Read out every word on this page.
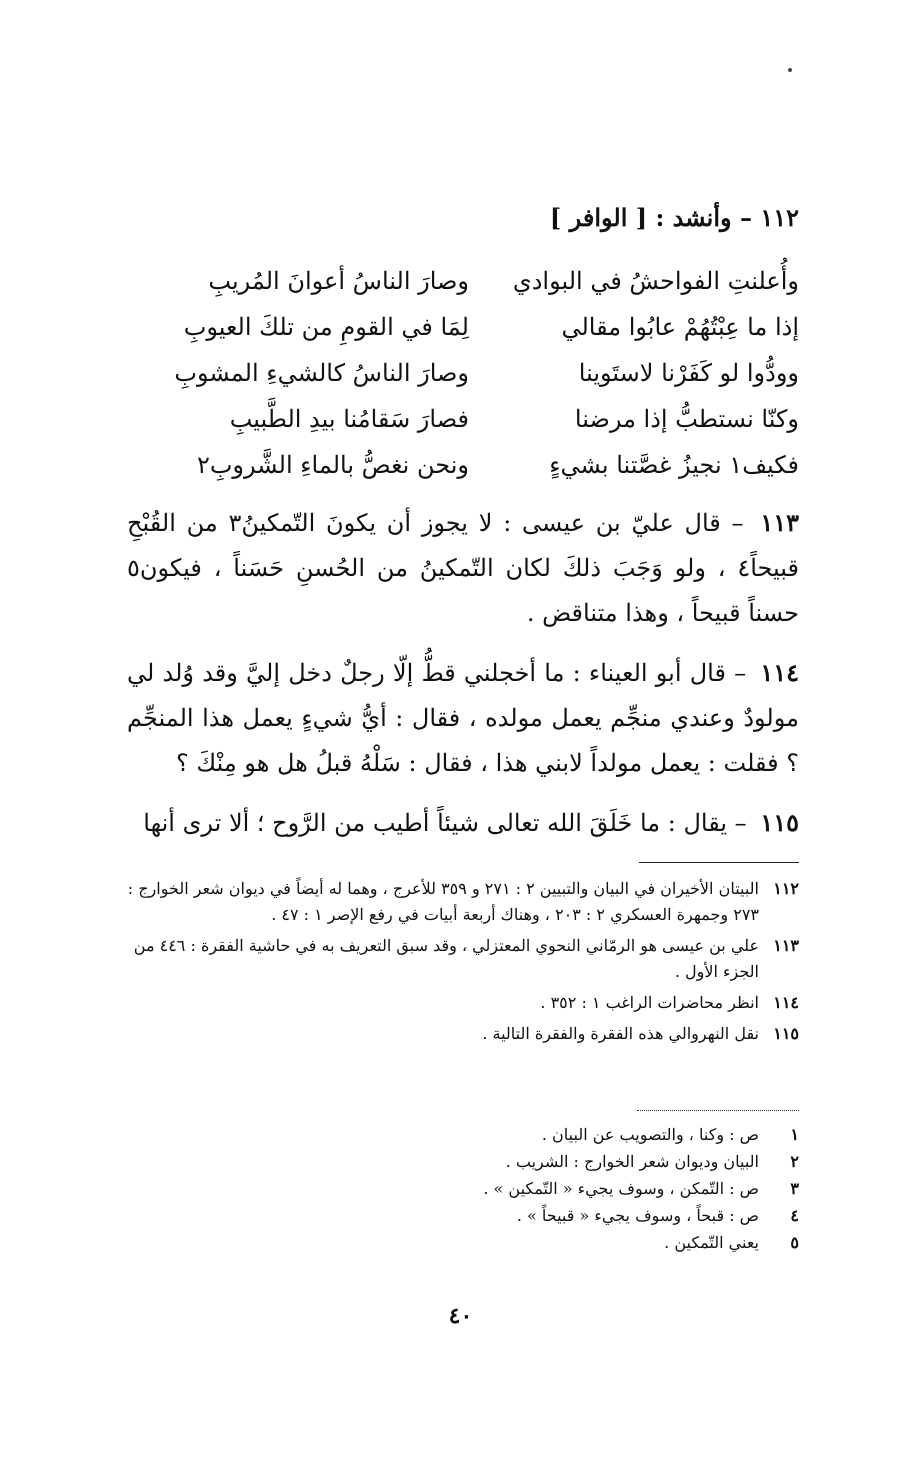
١١٢ – وأنشد : [ الوافر ]
وأُعلنتِ الفواحشُ في البوادي
وصارَ الناسُ أعوانَ المُريبِ
إذا ما عِبْتُهُمْ عابُوا مقالي
لِمَا في القومِ من تلكَ العيوبِ
وودُّوا لو كَفَرْنا لاستَوينا
وصارَ الناسُ كالشيءِ المشوبِ
وكنّا نستطبُّ إذا مرضنا
فصارَ سَقامُنا بيدِ الطَّبيبِ
فكيف١ نجيزُ غصَّتنا بشيءٍ
ونحن نغصُّ بالماءِ الشَّروبِ٢
١١٣ – قال عليّ بن عيسى : لا يجوز أن يكونَ التّمكينُ٣ من القُبْحِ قبيحاً٤ ، ولو وَجَبَ ذلكَ لكان التّمكينُ من الحُسنِ حَسَناً ، فيكون٥ حسناً قبيحاً ، وهذا متناقض .
١١٤ – قال أبو العيناء : ما أخجلني قطُّ إلّا رجلٌ دخل إليَّ وقد وُلد لي مولودٌ وعندي منجِّم يعمل مولده ، فقال : أيُّ شيءٍ يعمل هذا المنجِّم ؟ فقلت : يعمل مولداً لابني هذا ، فقال : سَلْهُ قبلُ هل هو مِنْكَ ؟
١١٥ – يقال : ما خَلَقَ الله تعالى شيئاً أطيب من الرَّوح ؛ ألا ترى أنها
١١٢
البيتان الأخيران في البيان والتبيين ٢ : ٢٧١ و ٣٥٩ للأعرج ، وهما له أيضاً في ديوان شعر الخوارج : ٢٧٣ وجمهرة العسكري ٢ : ٢٠٣ ، وهناك أربعة أبيات في رفع الإصر ١ : ٤٧ .
١١٣
علي بن عيسى هو الرمّاني النحوي المعتزلي ، وقد سبق التعريف به في حاشية الفقرة : ٤٤٦ من الجزء الأول .
١١٤
انظر محاضرات الراغب ١ : ٣٥٢ .
١١٥
نقل النهروالي هذه الفقرة والفقرة التالية .
١
ص : وكنا ، والتصويب عن البيان .
٢
البيان وديوان شعر الخوارج : الشريب .
٣
ص : التّمكن ، وسوف يجيء « التّمكين » .
٤
ص : قبحاً ، وسوف يجيء « قبيحاً » .
٥
يعني التّمكين .
٤٠
